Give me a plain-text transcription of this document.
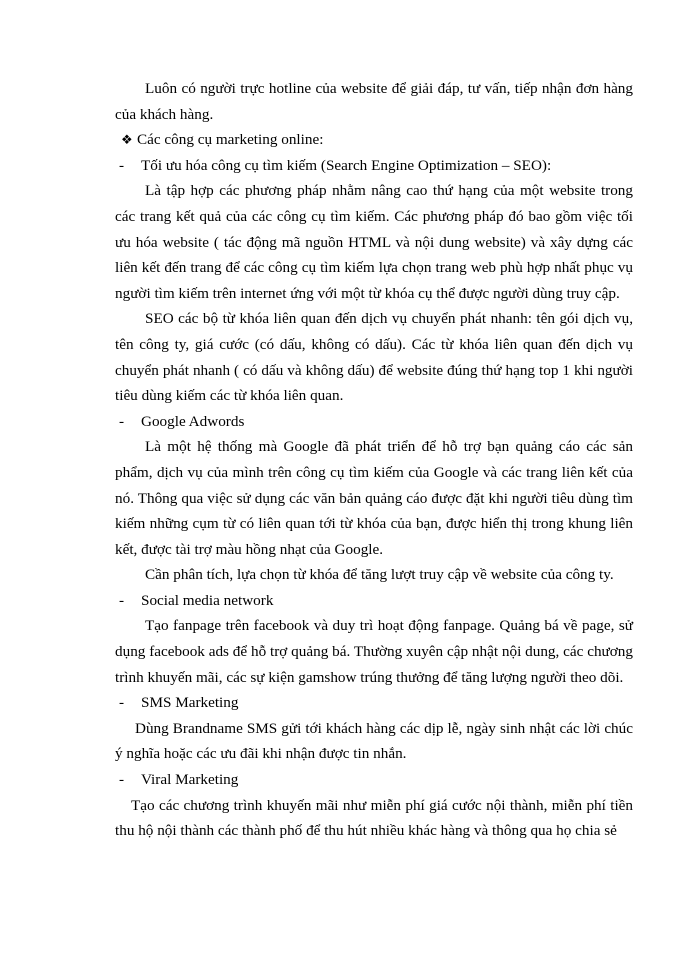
Luôn có người trực hotline của website để giải đáp, tư vấn, tiếp nhận đơn hàng của khách hàng.

❖ Các công cụ marketing online:
-	Tối ưu hóa công cụ tìm kiếm (Search Engine Optimization – SEO):

Là tập hợp các phương pháp nhằm nâng cao thứ hạng của một website trong các trang kết quả của các công cụ tìm kiếm. Các phương pháp đó bao gồm việc tối ưu hóa website ( tác động mã nguồn HTML và nội dung website) và xây dựng các liên kết đến trang để các công cụ tìm kiếm lựa chọn trang web phù hợp nhất phục vụ người tìm kiếm trên internet ứng với một từ khóa cụ thể được người dùng truy cập.

SEO các bộ từ khóa liên quan đến dịch vụ chuyển phát nhanh: tên gói dịch vụ, tên công ty, giá cước (có dấu, không có dấu). Các từ khóa liên quan đến dịch vụ chuyển phát nhanh ( có dấu và không dấu) để website đúng thứ hạng top 1 khi người tiêu dùng kiếm các từ khóa liên quan.

-	Google Adwords

Là một hệ thống mà Google đã phát triển để hỗ trợ bạn quảng cáo các sản phẩm, dịch vụ của mình trên công cụ tìm kiếm của Google và các trang liên kết của nó. Thông qua việc sử dụng các văn bản quảng cáo được đặt khi người tiêu dùng tìm kiếm những cụm từ có liên quan tới từ khóa của bạn, được hiển thị trong khung liên kết, được tài trợ màu hồng nhạt của Google.

Cần phân tích, lựa chọn từ khóa để tăng lượt truy cập về website của công ty.

-	Social media network

Tạo fanpage trên facebook và duy trì hoạt động fanpage. Quảng bá về page, sử dụng facebook ads để hỗ trợ quảng bá. Thường xuyên cập nhật nội dung, các chương trình khuyến mãi, các sự kiện gamshow trúng thưởng để tăng lượng người theo dõi.

-	SMS Marketing

Dùng Brandname SMS gửi tới khách hàng các dịp lễ, ngày sinh nhật các lời chúc ý nghĩa hoặc các ưu đãi khi nhận được tin nhắn.

-	Viral Marketing

Tạo các chương trình khuyến mãi như miễn phí giá cước nội thành, miễn phí tiền thu hộ nội thành các thành phố để thu hút nhiều khác hàng và thông qua họ chia sẻ
